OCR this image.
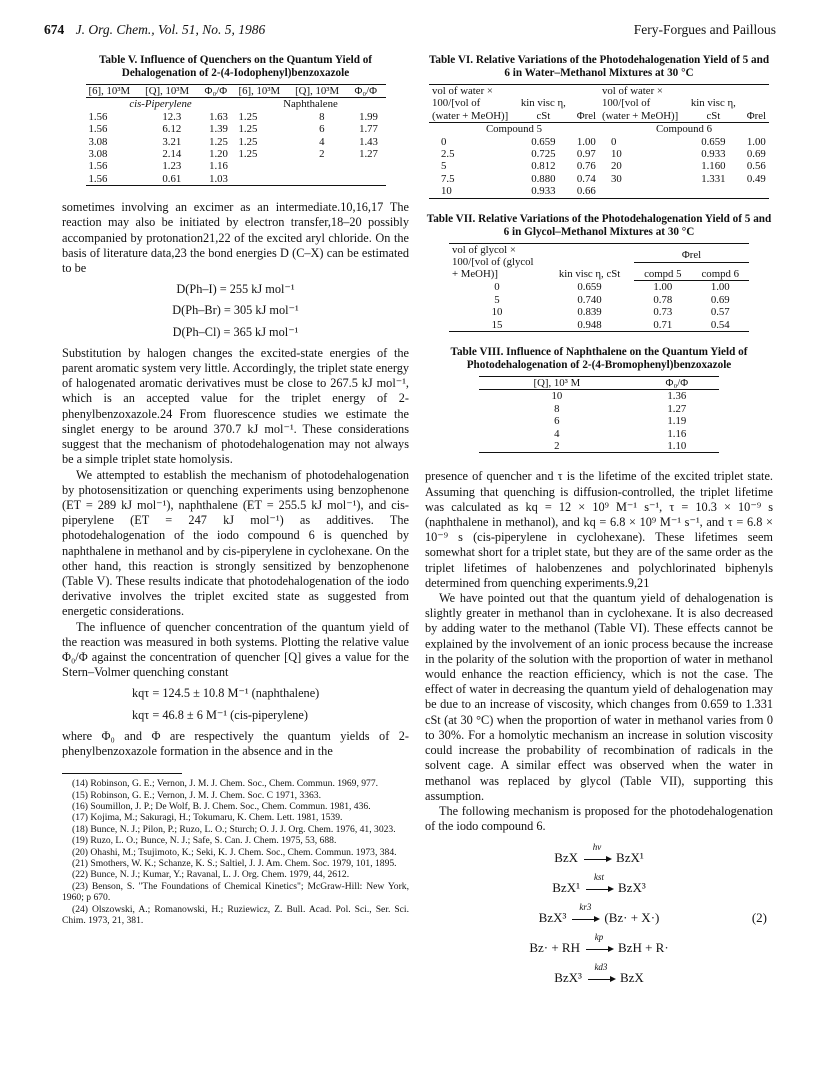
674 J. Org. Chem., Vol. 51, No. 5, 1986	Fery-Forgues and Paillous
Table V. Influence of Quenchers on the Quantum Yield of Dehalogenation of 2-(4-Iodophenyl)benzoxazole
[6], 10³M	[Q], 10³M	Φ₀/Φ	[6], 10³M	[Q], 10³M	Φ₀/Φ
cis-Piperylene			Naphthalene		
1.56	12.3	1.63	1.25	8	1.99
1.56	6.12	1.39	1.25	6	1.77
3.08	3.21	1.25	1.25	4	1.43
3.08	2.14	1.20	1.25	2	1.27
1.56	1.23	1.16			
1.56	0.61	1.03			

sometimes involving an excimer as an intermediate.10,16,17 The reaction may also be initiated by electron transfer,18–20 possibly accompanied by protonation21,22 of the excited aryl chloride. On the basis of literature data,23 the bond energies D (C–X) can be estimated to be

D(Ph–I) = 255 kJ mol⁻¹
D(Ph–Br) = 305 kJ mol⁻¹
D(Ph–Cl) = 365 kJ mol⁻¹

Substitution by halogen changes the excited-state energies of the parent aromatic system very little. Accordingly, the triplet state energy of halogenated aromatic derivatives must be close to 267.5 kJ mol⁻¹, which is an accepted value for the triplet energy of 2-phenylbenzoxazole.24 From fluorescence studies we estimate the singlet energy to be around 370.7 kJ mol⁻¹. These considerations suggest that the mechanism of photodehalogenation may not always be a simple triplet state homolysis.

We attempted to establish the mechanism of photodehalogenation by photosensitization or quenching experiments using benzophenone (ET = 289 kJ mol⁻¹), naphthalene (ET = 255.5 kJ mol⁻¹), and cis-piperylene (ET = 247 kJ mol⁻¹) as additives. The photodehalogenation of the iodo compound 6 is quenched by naphthalene in methanol and by cis-piperylene in cyclohexane. On the other hand, this reaction is strongly sensitized by benzophenone (Table V). These results indicate that photodehalogenation of the iodo derivative involves the triplet excited state as suggested from energetic considerations.

The influence of quencher concentration of the quantum yield of the reaction was measured in both systems. Plotting the relative value Φ₀/Φ against the concentration of quencher [Q] gives a value for the Stern–Volmer quenching constant

kqτ = 124.5 ± 10.8 M⁻¹ (naphthalene)
kqτ = 46.8 ± 6 M⁻¹ (cis-piperylene)

where Φ₀ and Φ are respectively the quantum yields of 2-phenylbenzoxazole formation in the absence and in the

(14) Robinson, G. E.; Vernon, J. M. J. Chem. Soc., Chem. Commun. 1969, 977.
(15) Robinson, G. E.; Vernon, J. M. J. Chem. Soc. C 1971, 3363.
(16) Soumillon, J. P.; De Wolf, B. J. Chem. Soc., Chem. Commun. 1981, 436.
(17) Kojima, M.; Sakuragi, H.; Tokumaru, K. Chem. Lett. 1981, 1539.
(18) Bunce, N. J.; Pilon, P.; Ruzo, L. O.; Sturch; O. J. J. Org. Chem. 1976, 41, 3023.
(19) Ruzo, L. O.; Bunce, N. J.; Safe, S. Can. J. Chem. 1975, 53, 688.
(20) Ohashi, M.; Tsujimoto, K.; Seki, K. J. Chem. Soc., Chem. Commun. 1973, 384.
(21) Smothers, W. K.; Schanze, K. S.; Saltiel, J. J. Am. Chem. Soc. 1979, 101, 1895.
(22) Bunce, N. J.; Kumar, Y.; Ravanal, L. J. Org. Chem. 1979, 44, 2612.
(23) Benson, S. "The Foundations of Chemical Kinetics"; McGraw-Hill: New York, 1960; p 670.
(24) Olszowski, A.; Romanowski, H.; Ruziewicz, Z. Bull. Acad. Pol. Sci., Ser. Sci. Chim. 1973, 21, 381.
Table VI. Relative Variations of the Photodehalogenation Yield of 5 and 6 in Water–Methanol Mixtures at 30 °C
vol of water × 100/[vol of (water + MeOH)]	kin visc η, cSt	Φrel	vol of water × 100/[vol of (water + MeOH)]	kin visc η, cSt	Φrel
Compound 5			Compound 6		
0	0.659	1.00	0	0.659	1.00
2.5	0.725	0.97	10	0.933	0.69
5	0.812	0.76	20	1.160	0.56
7.5	0.880	0.74	30	1.331	0.49
10	0.933	0.66			
Table VII. Relative Variations of the Photodehalogenation Yield of 5 and 6 in Glycol–Methanol Mixtures at 30 °C
vol of glycol × 100/[vol of (glycol + MeOH)]	kin visc η, cSt	Φrel	
		compd 5	compd 6
0	0.659	1.00	1.00
5	0.740	0.78	0.69
10	0.839	0.73	0.57
15	0.948	0.71	0.54
Table VIII. Influence of Naphthalene on the Quantum Yield of Photodehalogenation of 2-(4-Bromophenyl)benzoxazole
[Q], 10³ M	Φ₀/Φ
10	1.36
8	1.27
6	1.19
4	1.16
2	1.10

presence of quencher and τ is the lifetime of the excited triplet state. Assuming that quenching is diffusion-controlled, the triplet lifetime was calculated as kq = 12 × 10⁹ M⁻¹ s⁻¹, τ = 10.3 × 10⁻⁹ s (naphthalene in methanol), and kq = 6.8 × 10⁹ M⁻¹ s⁻¹, and τ = 6.8 × 10⁻⁹ s (cis-piperylene in cyclohexane). These lifetimes seem somewhat short for a triplet state, but they are of the same order as the triplet lifetimes of halobenzenes and polychlorinated biphenyls determined from quenching experiments.9,21

We have pointed out that the quantum yield of dehalogenation is slightly greater in methanol than in cyclohexane. It is also decreased by adding water to the methanol (Table VI). These effects cannot be explained by the involvement of an ionic process because the increase in the polarity of the solution with the proportion of water in methanol would enhance the reaction efficiency, which is not the case. The effect of water in decreasing the quantum yield of dehalogenation may be due to an increase of viscosity, which changes from 0.659 to 1.331 cSt (at 30 °C) when the proportion of water in methanol varies from 0 to 30%. For a homolytic mechanism an increase in solution viscosity could increase the probability of recombination of radicals in the solvent cage. A similar effect was observed when the water in methanol was replaced by glycol (Table VII), supporting this assumption.

The following mechanism is proposed for the photodehalogenation of the iodo compound 6.

BzX
hν
BzX¹
BzX¹
kst
BzX³
BzX³
kr3
(Bz· + X·)	(2)
Bz· + RH
kp
BzH + R·
BzX³
kd3
BzX
